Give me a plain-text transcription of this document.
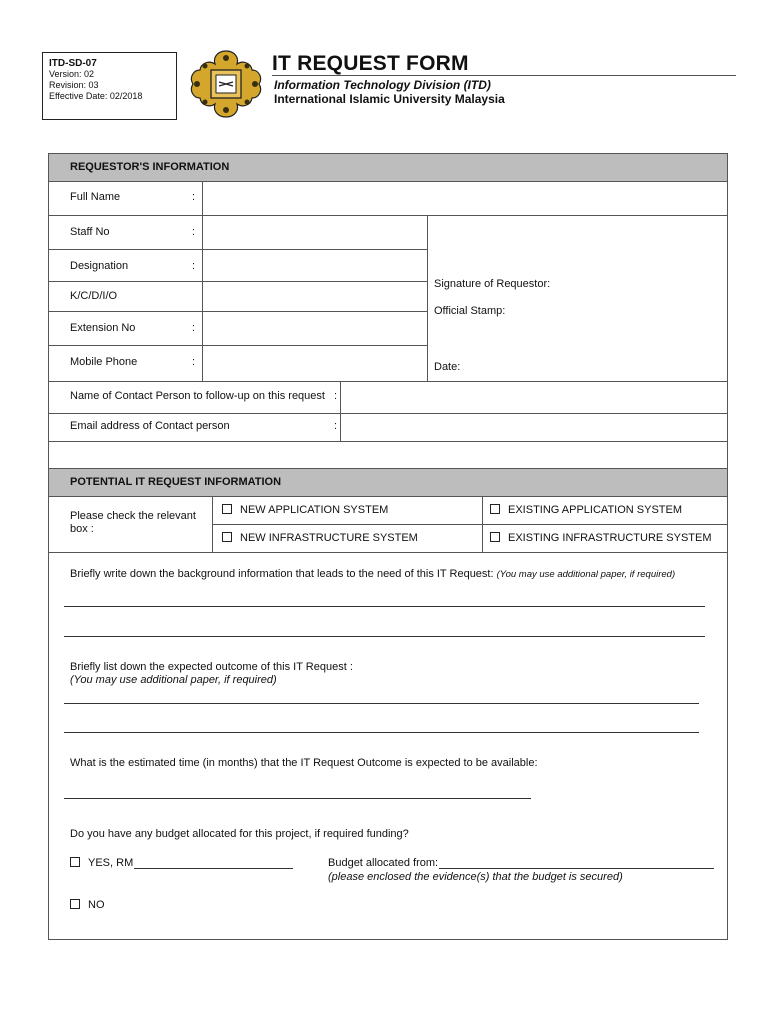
ITD-SD-07
Version: 02
Revision: 03
Effective Date: 02/2018
IT REQUEST FORM
Information Technology Division (ITD)
International Islamic University Malaysia
REQUESTOR'S INFORMATION
Full Name	:
Staff No	:
Designation	:
K/C/D/I/O
Extension No	:
Mobile Phone	:
Signature of Requestor:
Official Stamp:
Date:
Name of Contact Person to follow-up on this request :
Email address of Contact person	:
POTENTIAL IT REQUEST INFORMATION
Please check the relevant box :
NEW APPLICATION SYSTEM	EXISTING APPLICATION SYSTEM
NEW INFRASTRUCTURE SYSTEM	EXISTING INFRASTRUCTURE SYSTEM
Briefly write down the background information that leads to the need of this IT Request: (You may use additional paper, if required)
Briefly list down the expected outcome of this IT Request :
(You may use additional paper, if required)
What is the estimated time (in months) that the IT Request Outcome is expected to be available:
Do you have any budget allocated for this project, if required funding?
YES, RM	Budget allocated from:
(please enclosed the evidence(s) that the budget is secured)
NO
